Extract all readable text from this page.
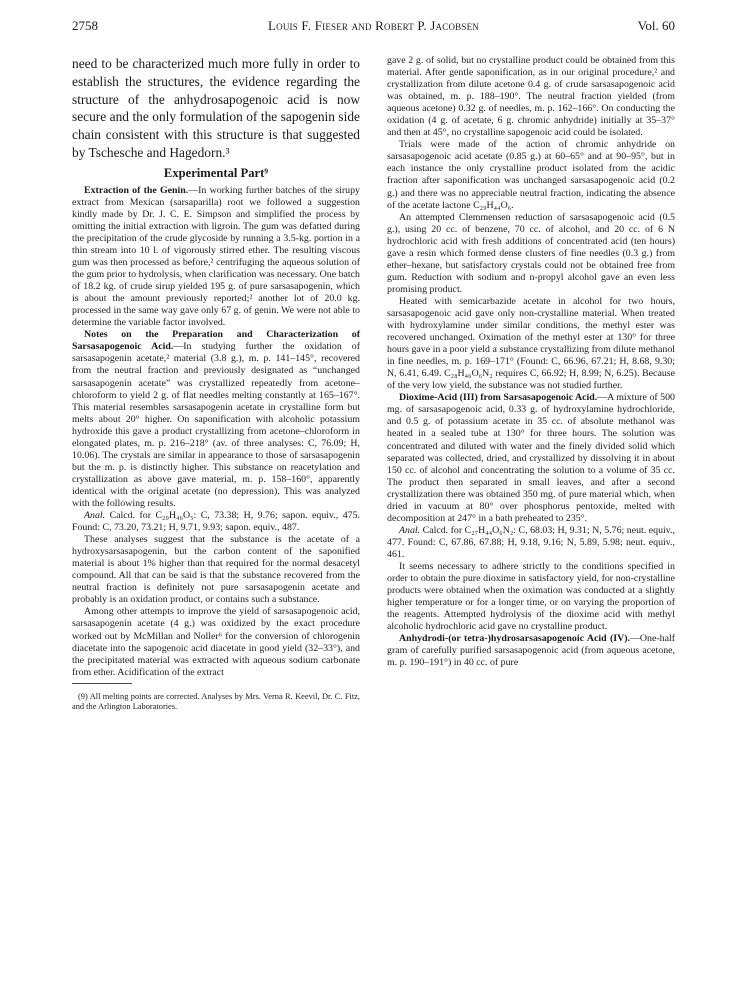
2758	Louis F. Fieser and Robert P. Jacobsen	Vol. 60

need to be characterized much more fully in order to establish the structures, the evidence regarding the structure of the anhydrosapogenoic acid is now secure and the only formulation of the sapogenin side chain consistent with this structure is that suggested by Tschesche and Hagedorn.³

Experimental Part⁹

Extraction of the Genin.—In working further batches of the sirupy extract from Mexican (sarsaparilla) root we followed a suggestion kindly made by Dr. J. C. E. Simpson and simplified the process by omitting the initial extraction with ligroin. The gum was defatted during the precipitation of the crude glycoside by running a 3.5-kg. portion in a thin stream into 10 l. of vigorously stirred ether. The resulting viscous gum was then processed as before,² centrifuging the aqueous solution of the gum prior to hydrolysis, when clarification was necessary. One batch of 18.2 kg. of crude sirup yielded 195 g. of pure sarsasapogenin, which is about the amount previously reported;² another lot of 20.0 kg. processed in the same way gave only 67 g. of genin. We were not able to determine the variable factor involved.

Notes on the Preparation and Characterization of Sarsasapogenoic Acid.—In studying further the oxidation of sarsasapogenin acetate,² material (3.8 g.), m. p. 141–145°, recovered from the neutral fraction and previously designated as “unchanged sarsasapogenin acetate” was crystallized repeatedly from acetone–chloroform to yield 2 g. of flat needles melting constantly at 165–167°. This material resembles sarsasapogenin acetate in crystalline form but melts about 20° higher. On saponification with alcoholic potassium hydroxide this gave a product crystallizing from acetone–chloroform in elongated plates, m. p. 216–218° (av. of three analyses: C, 76.09; H, 10.06). The crystals are similar in appearance to those of sarsasapogenin but the m. p. is distinctly higher. This substance on reacetylation and crystallization as above gave material, m. p. 158–160°, apparently identical with the original acetate (no depression). This was analyzed with the following results.

Anal. Calcd. for C₂₉H₄₆O₅: C, 73.38; H, 9.76; sapon. equiv., 475. Found: C, 73.20, 73.21; H, 9.71, 9.93; sapon. equiv., 487.

These analyses suggest that the substance is the acetate of a hydroxysarsasapogenin, but the carbon content of the saponified material is about 1% higher than that required for the normal desacetyl compound. All that can be said is that the substance recovered from the neutral fraction is definitely not pure sarsasapogenin acetate and probably is an oxidation product, or contains such a substance.

Among other attempts to improve the yield of sarsasapogenoic acid, sarsasapogenin acetate (4 g.) was oxidized by the exact procedure worked out by McMillan and Noller⁶ for the conversion of chlorogenin diacetate into the sapogenoic acid diacetate in good yield (32–33°), and the precipitated material was extracted with aqueous sodium carbonate from ether. Acidification of the extract

(9) All melting points are corrected. Analyses by Mrs. Verna R. Keevil, Dr. C. Fitz, and the Arlington Laboratories.

gave 2 g. of solid, but no crystalline product could be obtained from this material. After gentle saponification, as in our original procedure,² and crystallization from dilute acetone 0.4 g. of crude sarsasapogenoic acid was obtained, m. p. 188–190°. The neutral fraction yielded (from aqueous acetone) 0.32 g. of needles, m. p. 162–166°. On conducting the oxidation (4 g. of acetate, 6 g. chromic anhydride) initially at 35–37° and then at 45°, no crystalline sapogenoic acid could be isolated.

Trials were made of the action of chromic anhydride on sarsasapogenoic acid acetate (0.85 g.) at 60–65° and at 90–95°, but in each instance the only crystalline product isolated from the acidic fraction after saponification was unchanged sarsasapogenoic acid (0.2 g.) and there was no appreciable neutral fraction, indicating the absence of the acetate lactone C₂₉H₄₄O₆.

An attempted Clemmensen reduction of sarsasapogenoic acid (0.5 g.), using 20 cc. of benzene, 70 cc. of alcohol, and 20 cc. of 6 N hydrochloric acid with fresh additions of concentrated acid (ten hours) gave a resin which formed dense clusters of fine needles (0.3 g.) from ether–hexane, but satisfactory crystals could not be obtained free from gum. Reduction with sodium and n-propyl alcohol gave an even less promising product.

Heated with semicarbazide acetate in alcohol for two hours, sarsasapogenoic acid gave only non-crystalline material. When treated with hydroxylamine under similar conditions, the methyl ester was recovered unchanged. Oximation of the methyl ester at 130° for three hours gave in a poor yield a substance crystallizing from dilute methanol in fine needles, m. p. 169–171° (Found: C, 66.96, 67.21; H, 8.68, 9.30; N, 6.41, 6.49. C₂₈H₄₆O₆N₂ requires C, 66.92; H, 8.99; N, 6.25). Because of the very low yield, the substance was not studied further.

Dioxime-Acid (III) from Sarsasapogenoic Acid.—A mixture of 500 mg. of sarsasapogenoic acid, 0.33 g. of hydroxylamine hydrochloride, and 0.5 g. of potassium acetate in 35 cc. of absolute methanol was heated in a sealed tube at 130° for three hours. The solution was concentrated and diluted with water and the finely divided solid which separated was collected, dried, and crystallized by dissolving it in about 150 cc. of alcohol and concentrating the solution to a volume of 35 cc. The product then separated in small leaves, and after a second crystallization there was obtained 350 mg. of pure material which, when dried in vacuum at 80° over phosphorus pentoxide, melted with decomposition at 247° in a bath preheated to 235°.

Anal. Calcd. for C₂₇H₄₄O₆N₂: C, 68.03; H, 9.31; N, 5.76; neut. equiv., 477. Found: C, 67.86, 67.88; H, 9.18, 9.16; N, 5.89, 5.98; neut. equiv., 461.

It seems necessary to adhere strictly to the conditions specified in order to obtain the pure dioxime in satisfactory yield, for non-crystalline products were obtained when the oximation was conducted at a slightly higher temperature or for a longer time, or on varying the proportion of the reagents. Attempted hydrolysis of the dioxime acid with methyl alcoholic hydrochloric acid gave no crystalline product.

Anhydrodi-(or tetra-)hydrosarsasapogenoic Acid (IV).—One-half gram of carefully purified sarsasapogenoic acid (from aqueous acetone, m. p. 190–191°) in 40 cc. of pure
